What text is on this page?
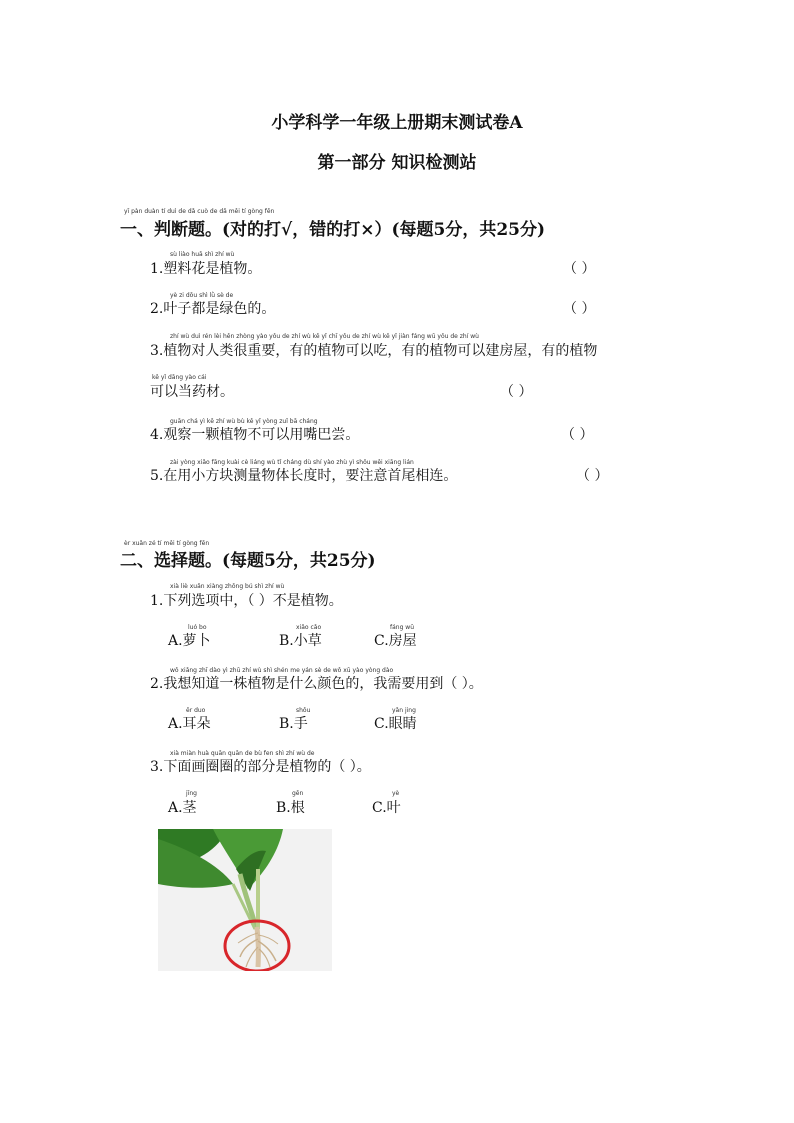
小学科学一年级上册期末测试卷A
第一部分 知识检测站
yī pàn duàn tí duì de dǎ cuò de dǎ měi tí gòng fēn
一、判断题。(对的打√，错的打×）(每题5分，共25分)
sù liào huā shì zhí wù
1.塑料花是植物。	（ ）
yè zi dōu shì lǜ sè de
2.叶子都是绿色的。	（ ）
zhí wù duì rén lèi hěn zhòng yào yǒu de zhí wù kě yǐ chī yǒu de zhí wù kě yǐ jiàn fáng wū yǒu de zhí wù
3.植物对人类很重要，有的植物可以吃，有的植物可以建房屋，有的植物
kě yǐ dāng yào cái
可以当药材。	（ ）
guān chá yì kē zhí wù bù kě yǐ yòng zuǐ bā cháng
4.观察一颗植物不可以用嘴巴尝。	（ ）
zài yòng xiǎo fāng kuài cè liáng wù tǐ cháng dù shí yào zhù yì shǒu wěi xiāng lián
5.在用小方块测量物体长度时，要注意首尾相连。	（ ）
èr xuǎn zé tí měi tí gòng fēn
二、选择题。(每题5分，共25分)
xià liè xuǎn xiàng zhōng bú shì zhí wù
1.下列选项中，（ ）不是植物。
luó bo
A.萝卜
xiǎo cǎo
B.小草
fáng wū
C.房屋
wǒ xiǎng zhī dào yì zhū zhí wù shì shén me yán sè de wǒ xū yào yòng dào
2.我想知道一株植物是什么颜色的，我需要用到（ ）。
ěr duo
A.耳朵
shǒu
B.手
yǎn jing
C.眼睛
xià miàn huà quān quān de bù fen shì zhí wù de
3.下面画圈圈的部分是植物的（ ）。
jīng
A.茎
gēn
B.根
yè
C.叶
